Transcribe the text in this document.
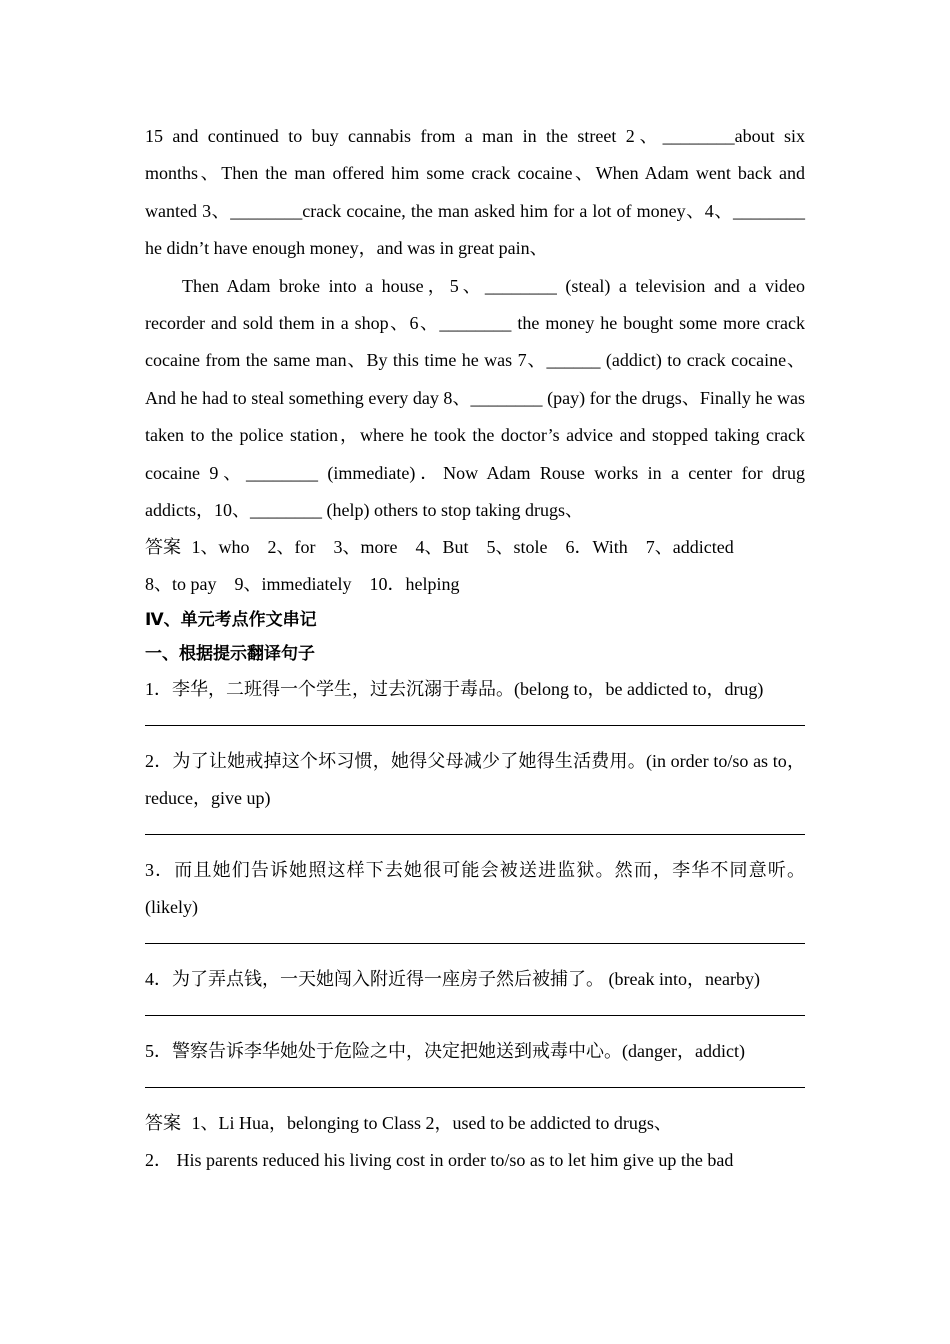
15 and continued to buy cannabis from a man in the street 2、________about six months、Then the man offered him some crack cocaine、When Adam went back and wanted 3、________crack cocaine, the man asked him for a lot of money、4、________ he didn’t have enough money，and was in great pain、

Then Adam broke into a house，5、________ (steal) a television and a video recorder and sold them in a shop、6、________ the money he bought some more crack cocaine from the same man、By this time he was 7、______ (addict) to crack cocaine、And he had to steal something every day 8、________ (pay) for the drugs、Finally he was taken to the police station，where he took the doctor’s advice and stopped taking crack cocaine 9、________ (immediate)．Now Adam Rouse works in a center for drug addicts，10、________ (help) others to stop taking drugs、

答案 1、who　2、for　3、more　4、But　5、stole　6．With　7、addicted
8、to pay　9、immediately　10．helping

Ⅳ、单元考点作文串记

一、根据提示翻译句子

1．李华，二班得一个学生，过去沉溺于毒品。(belong to，be addicted to，drug)

2．为了让她戒掉这个坏习惯，她得父母减少了她得生活费用。(in order to/so as to，reduce，give up)

3．而且她们告诉她照这样下去她很可能会被送进监狱。然而，李华不同意听。(likely)

4．为了弄点钱，一天她闯入附近得一座房子然后被捕了。 (break into，nearby)

5．警察告诉李华她处于危险之中，决定把她送到戒毒中心。(danger，addict)

答案 1、Li Hua，belonging to Class 2，used to be addicted to drugs、
2． His parents reduced his living cost in order to/so as to let him give up the bad
